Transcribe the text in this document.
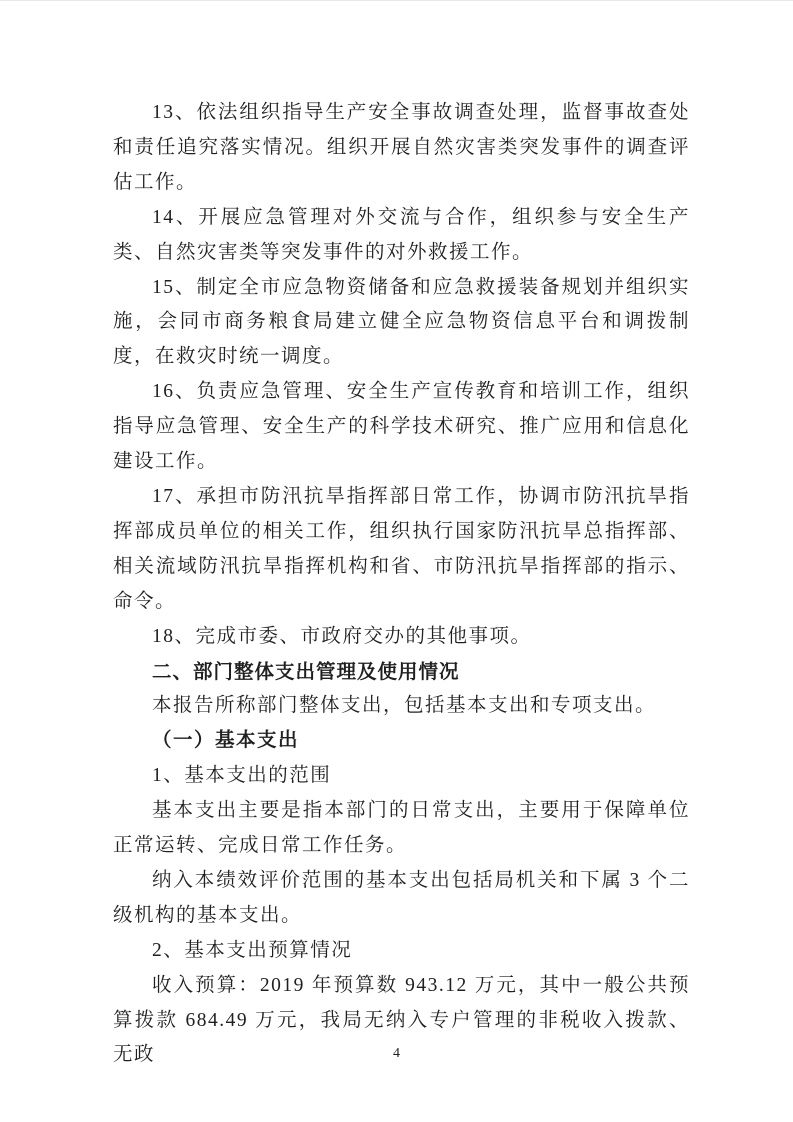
13、依法组织指导生产安全事故调查处理，监督事故查处和责任追究落实情况。组织开展自然灾害类突发事件的调查评估工作。

14、开展应急管理对外交流与合作，组织参与安全生产类、自然灾害类等突发事件的对外救援工作。

15、制定全市应急物资储备和应急救援装备规划并组织实施，会同市商务粮食局建立健全应急物资信息平台和调拨制度，在救灾时统一调度。

16、负责应急管理、安全生产宣传教育和培训工作，组织指导应急管理、安全生产的科学技术研究、推广应用和信息化建设工作。

17、承担市防汛抗旱指挥部日常工作，协调市防汛抗旱指挥部成员单位的相关工作，组织执行国家防汛抗旱总指挥部、相关流域防汛抗旱指挥机构和省、市防汛抗旱指挥部的指示、命令。

18、完成市委、市政府交办的其他事项。

二、部门整体支出管理及使用情况

本报告所称部门整体支出，包括基本支出和专项支出。

（一）基本支出

1、基本支出的范围

基本支出主要是指本部门的日常支出，主要用于保障单位正常运转、完成日常工作任务。

纳入本绩效评价范围的基本支出包括局机关和下属 3 个二级机构的基本支出。

2、基本支出预算情况

收入预算：2019 年预算数 943.12 万元，其中一般公共预算拨款 684.49 万元，我局无纳入专户管理的非税收入拨款、无政	4
